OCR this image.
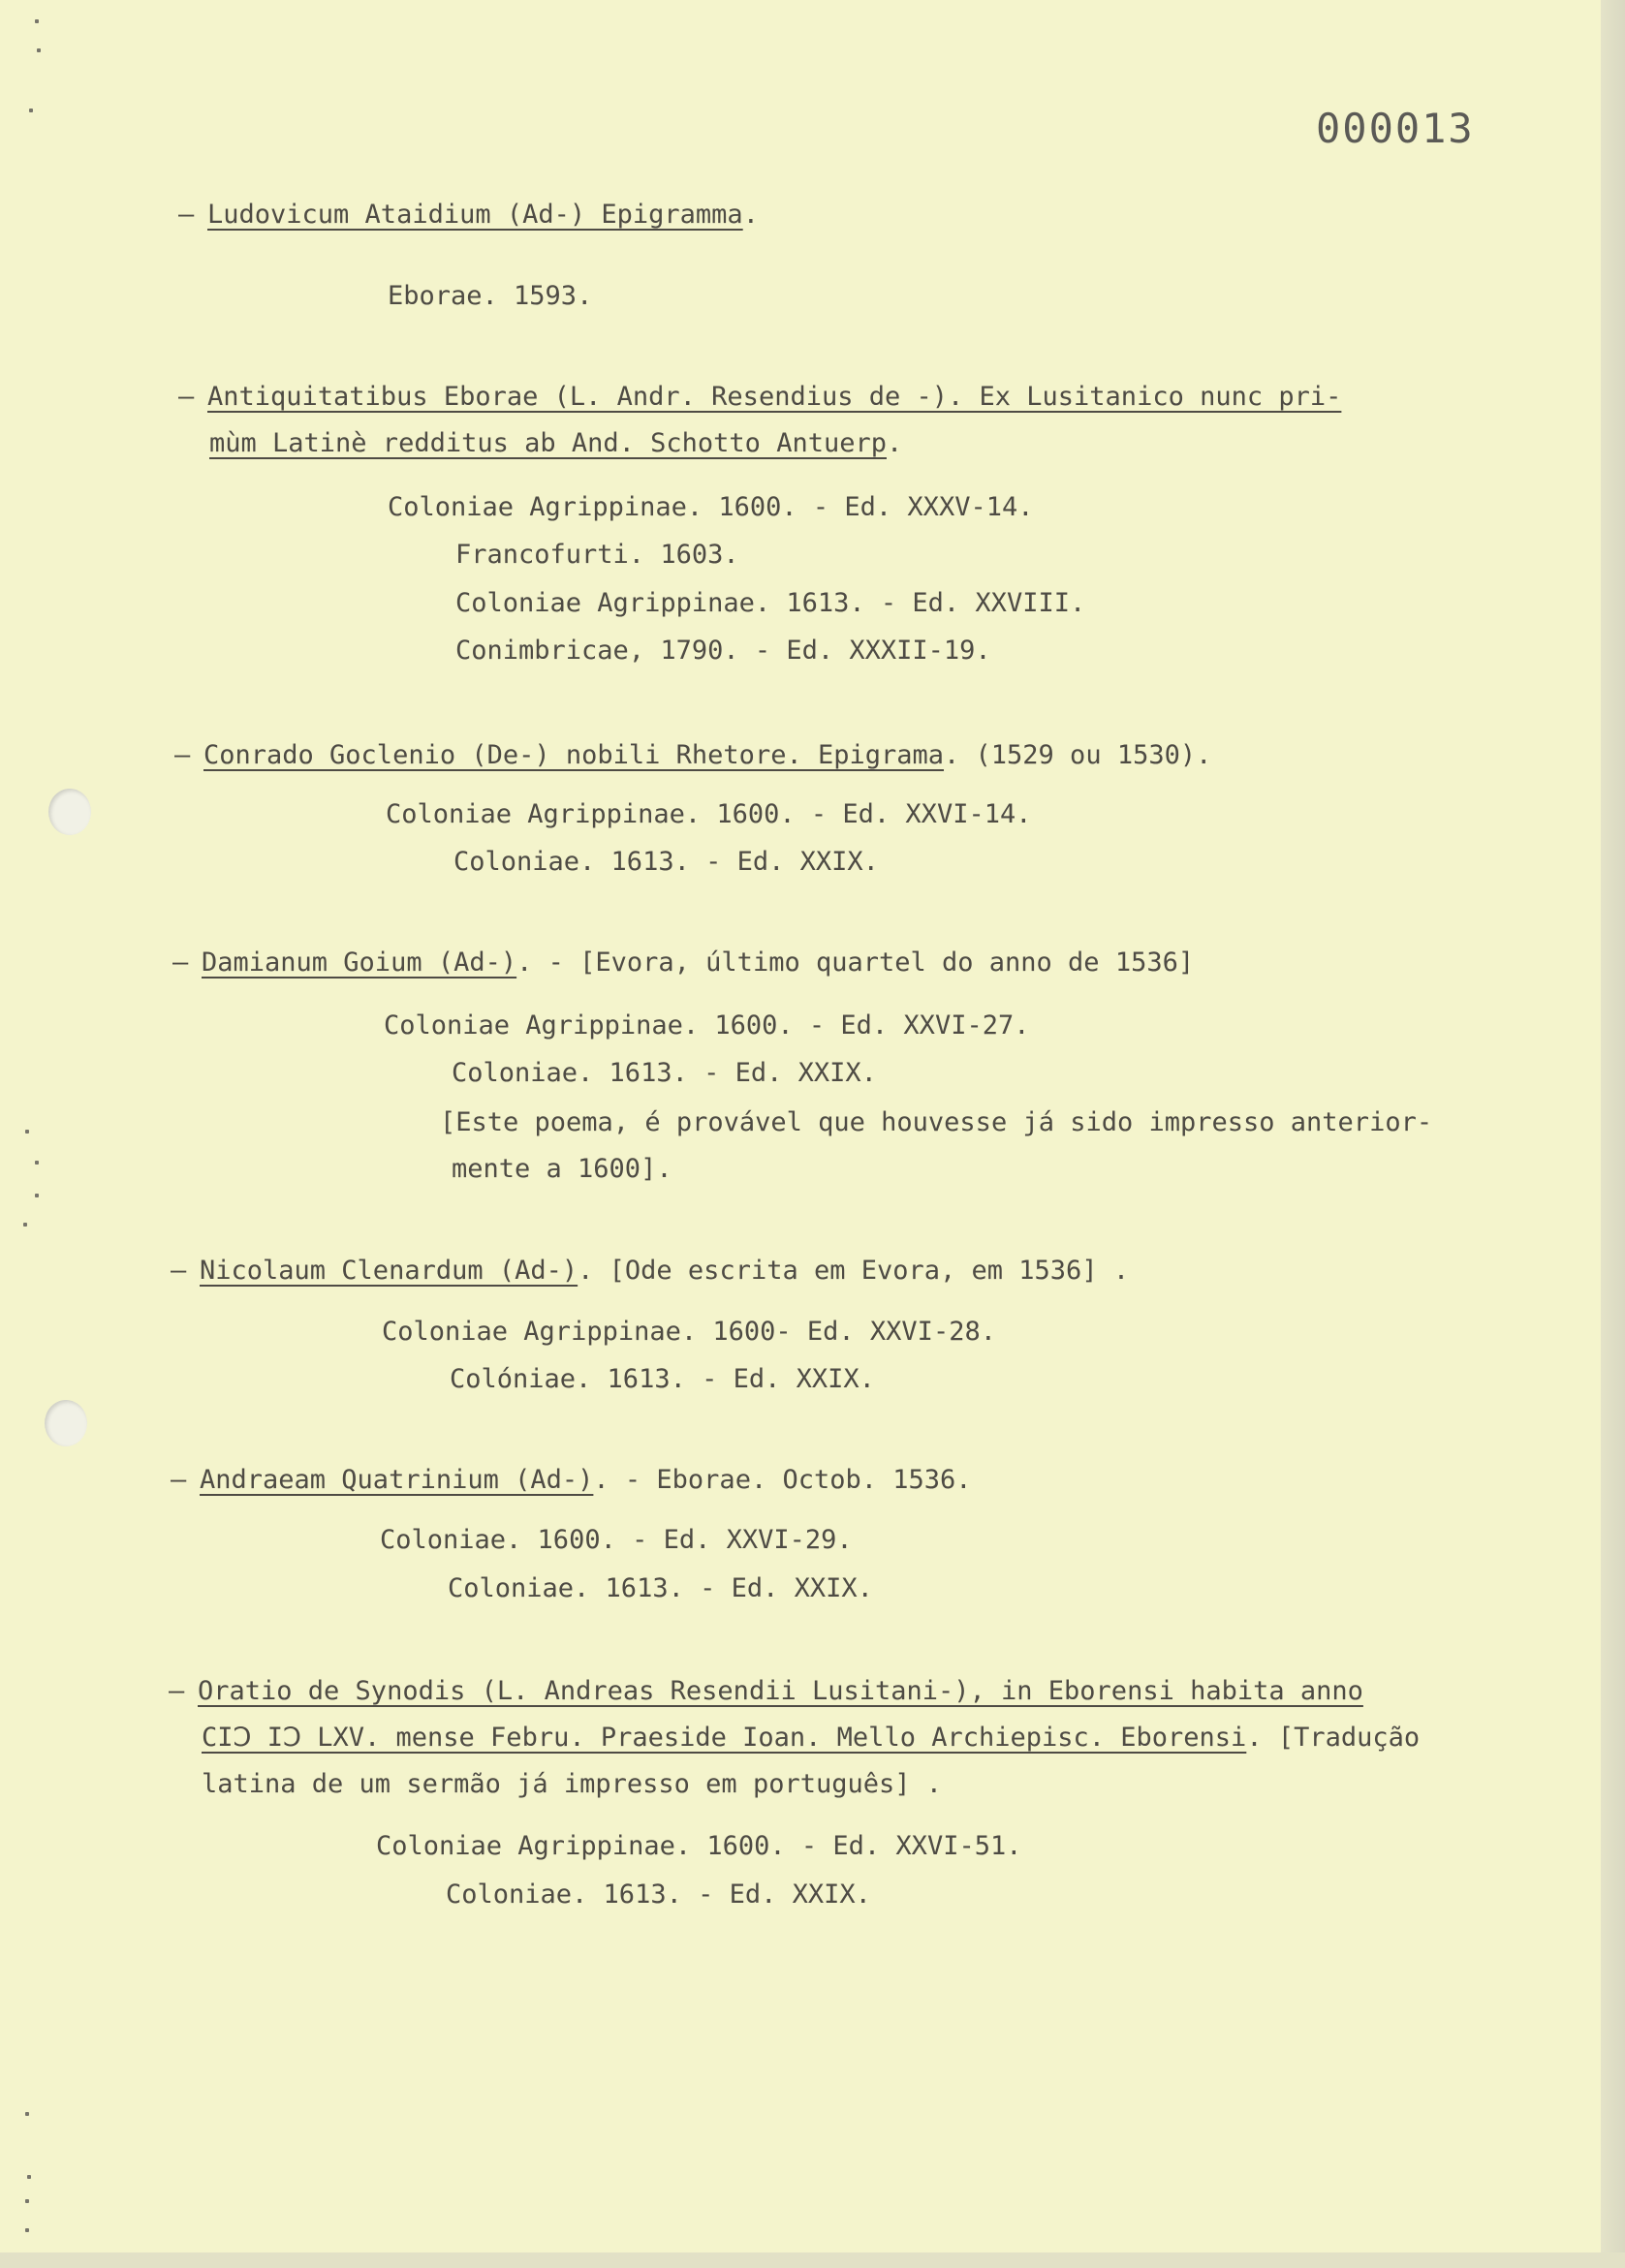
000013
– Ludovicum Ataidium (Ad-) Epigramma.
Eborae. 1593.
– Antiquitatibus Eborae (L. Andr. Resendius de -). Ex Lusitanico nunc pri-
mùm Latinè redditus ab And. Schotto Antuerp.
Coloniae Agrippinae. 1600. - Ed. XXXV-14.
Francofurti. 1603.
Coloniae Agrippinae. 1613. - Ed. XXVIII.
Conimbricae, 1790. - Ed. XXXII-19.
– Conrado Goclenio (De-) nobili Rhetore. Epigrama. (1529 ou 1530).
Coloniae Agrippinae. 1600. - Ed. XXVI-14.
Coloniae. 1613. - Ed. XXIX.
– Damianum Goium (Ad-). - [Evora, último quartel do anno de 1536]
Coloniae Agrippinae. 1600. - Ed. XXVI-27.
Coloniae. 1613. - Ed. XXIX.
[Este poema, é provável que houvesse já sido impresso anterior-
mente a 1600].
– Nicolaum Clenardum (Ad-). [Ode escrita em Evora, em 1536] .
Coloniae Agrippinae. 1600- Ed. XXVI-28.
Colóniae. 1613. - Ed. XXIX.
– Andraeam Quatrinium (Ad-). - Eborae. Octob. 1536.
Coloniae. 1600. - Ed. XXVI-29.
Coloniae. 1613. - Ed. XXIX.
– Oratio de Synodis (L. Andreas Resendii Lusitani-), in Eborensi habita anno
CIↃ IↃ LXV. mense Febru. Praeside Ioan. Mello Archiepisc. Eborensi. [Tradução
latina de um sermão já impresso em português] .
Coloniae Agrippinae. 1600. - Ed. XXVI-51.
Coloniae. 1613. - Ed. XXIX.
